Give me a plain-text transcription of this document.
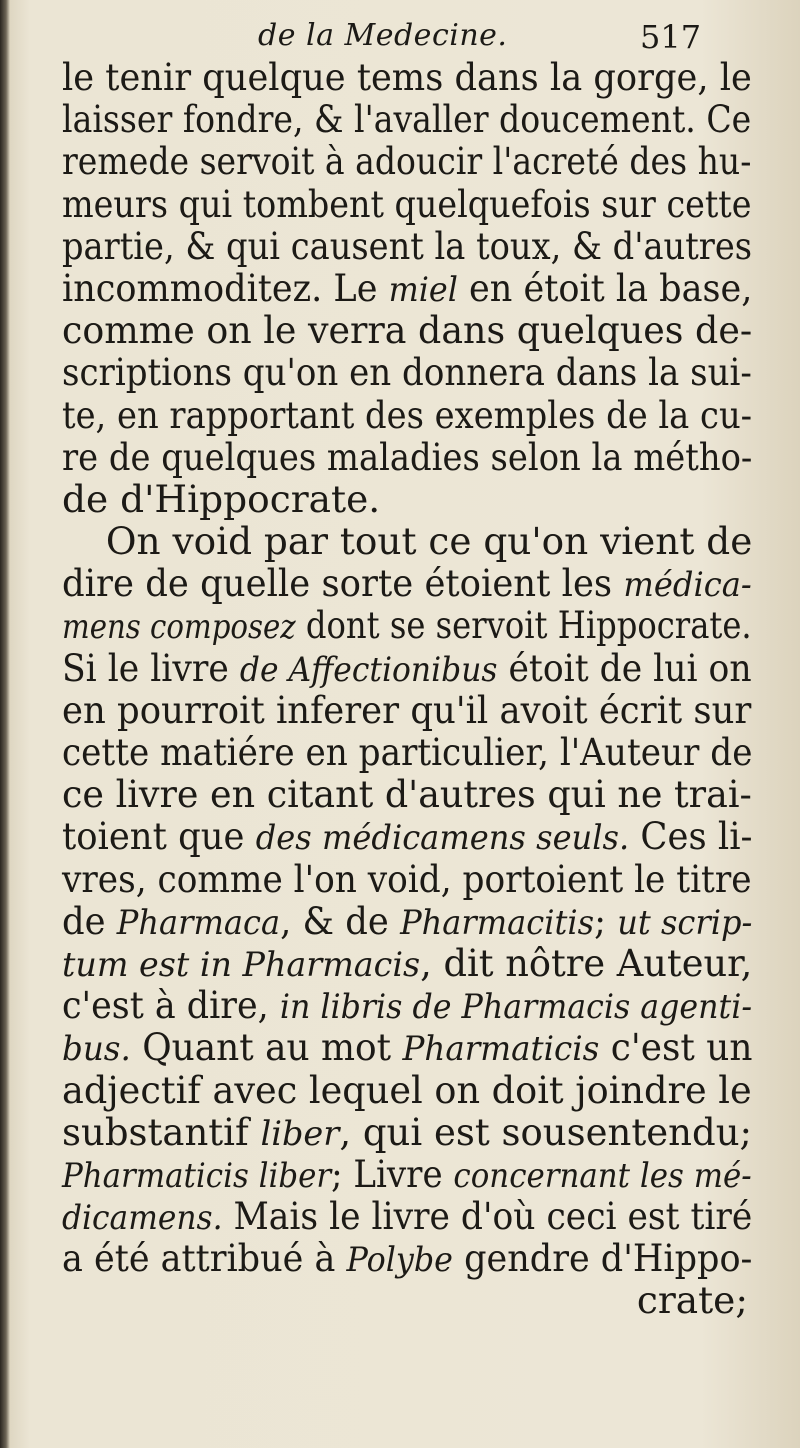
de la Medecine.	517
le tenir quelque tems dans la gorge, le
laisser fondre, & l'avaller doucement. Ce
remede servoit à adoucir l'acreté des hu-
meurs qui tombent quelquefois sur cette
partie, & qui causent la toux, & d'autres
incommoditez. Le miel en étoit la base,
comme on le verra dans quelques de-
scriptions qu'on en donnera dans la sui-
te, en rapportant des exemples de la cu-
re de quelques maladies selon la métho-
de d'Hippocrate.
On void par tout ce qu'on vient de
dire de quelle sorte étoient les médica-
mens composez dont se servoit Hippocrate.
Si le livre de Affectionibus étoit de lui on
en pourroit inferer qu'il avoit écrit sur
cette matiére en particulier, l'Auteur de
ce livre en citant d'autres qui ne trai-
toient que des médicamens seuls. Ces li-
vres, comme l'on void, portoient le titre
de Pharmaca, & de Pharmacitis; ut scrip-
tum est in Pharmacis, dit nôtre Auteur,
c'est à dire, in libris de Pharmacis agenti-
bus. Quant au mot Pharmaticis c'est un
adjectif avec lequel on doit joindre le
substantif liber, qui est sousentendu;
Pharmaticis liber; Livre concernant les mé-
dicamens. Mais le livre d'où ceci est tiré
a été attribué à Polybe gendre d'Hippo-
crate;
